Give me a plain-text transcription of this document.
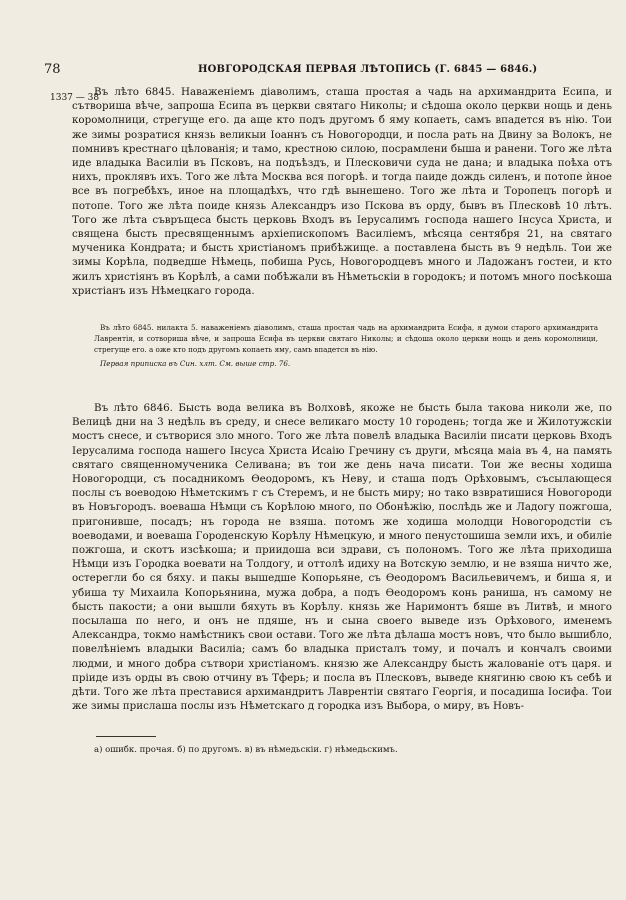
78	НОВГОРОДСКАЯ ПЕРВАЯ ЛѢТОПИСЬ (Г. 6845 — 6846.)
1337 — 38

Въ лѣто 6845. Наваженiемъ дiаволимъ, сташа простая а чадь на архимандрита Есипа, и сътвориша вѣче, запроша Есипа въ церкви святаго Николы; и сѣдоша около церкви нощь и день коромолници, стрегуще его. да аще кто подъ другомъ б яму копаеть, самъ впадется въ нію. Тои же зимы розратися князь великыи Іоаннъ съ Новогородци, и посла рать на Двину за Волокъ, не помнивъ крестнаго цѣлованiя; и тамо, крестною силою, посрамлени быша и ранени. Того же лѣта иде владыка Василiи въ Псковъ, на подъѣздъ, и Плесковичи суда не дана; и владыка поѣха отъ нихъ, проклявъ ихъ. Того же лѣта Москва вся погорѣ. и тогда паиде дождь силенъ, и потопе ѝное все въ погребѣхъ, иное на площадѣхъ, что гдѣ вынешено. Того же лѣта и Торопецъ погорѣ и потопе. Того же лѣта поиде князь Александръ изо Пскова въ орду, бывъ въ Плесковѣ 10 лѣтъ. Того же лѣта съвръщеса бысть церковь Входъ въ Іерусалимъ господа нашего Інсуса Христа, и священа бысть пресвященнымъ архiепископомъ Василiемъ, мѣсяца сентября 21, на святаго мученика Кондрата; и бысть христiаномъ прибѣжище. а поставлена бысть въ 9 недѣль. Тои же зимы Корѣла, подведше Нѣмець, побиша Русь, Новогородцевъ много и Ладожанъ гостеи, и кто жилъ христiянъ въ Корѣлѣ, а сами побѣжали въ Нѣметьскiи в городокъ; и потомъ много посѣкоша христiанъ изъ Нѣмецкаго города.

Въ лѣто 6845. нилакта 5. наваженiемъ дiаволимъ, сташа простая чадь на архимандрита Есифа, я думои старого архимандрита Лаврентiя, и сотвориша вѣче, и запроша Есифа въ церкви святаго Николы; и сѣдоша около церкви нощь и день коромолници, стрегуще его. а оже кто подъ другомъ копаеть яму, самъ впадется въ нію.

Первая приписка въ Син. хлт. См. выше стр. 76.

Въ лѣто 6846. Бысть вода велика въ Волховѣ, якоже не бысть была такова николи же, по Велицѣ дни на 3 недѣль въ среду, и снесе великаго мосту 10 городень; тогда же и Жилотужскiи мостъ снесе, и сътворися зло много. Того же лѣта повелѣ владыка Василiи писати церковь Входъ Іерусалима господа нашего Інсуса Христа Исаiю Гречину съ други, мѣсяца маiа въ 4, на память святаго священномученика Селивана; въ тои же день нача писати. Тои же весны ходиша Новогородци, съ посадникомъ Ѳеодоромъ, къ Неву, и сташа подъ Орѣховымъ, съсылающеся послы съ воеводою Нѣметскимъ г съ Стеремъ, и не бысть миру; но тако взвратишися Новогороди въ Новъгородъ. воеваша Нѣмци съ Корѣлою много, по Обонѣжiю, послѣдь же и Ладогу пожгоша, пригонивше, посадъ; нъ города не взяша. потомъ же ходиша молодци Новогородстiи съ воеводами, и воеваша Городенскую Корѣлу Нѣмецкую, и много пенустошиша земли ихъ, и обилiе пожгоша, и скотъ изсѣкоша; и приидоша вси здрави, съ полономъ. Того же лѣта приходиша Нѣмци изъ Городка воевати на Толдогу, и оттолѣ идиху на Вотскую землю, и не взяша ничто же, остерегли бо ся бяху. и пакы вышедше Копорьяне, съ Ѳеодоромъ Васильевичемъ, и биша я, и убиша ту Михаила Копорьянина, мужа добра, а подъ Ѳеодоромъ конь раниша, нъ самому не бысть пакости; а они вышли бяхуть въ Корѣлу. князь же Наримонтъ бяше въ Литвѣ, и много посылаша по него, и онъ не пдяше, нъ и сына своего выведе изъ Орѣхового, именемъ Александра, токмо намѣстникъ свои остави. Того же лѣта дѣлаша мостъ новъ, что было вышибло, повелѣнiемъ владыки Василiа; самъ бо владыка присталъ тому, и почалъ и кончалъ своими людми, и много добра сътвори христiаномъ. князю же Александру бысть жалованiе отъ царя. и прiиде изъ орды въ свою отчину въ Тферь; и посла въ Плесковъ, выведе княгиню свою къ себѣ и дѣти. Того же лѣта преставися архимандритъ Лаврентiи святаго Георгiя, и посадиша Іосифа. Тои же зимы прислаша послы изъ Нѣметскаго д городка изъ Выбора, о миру, въ Новъ-

а) ошибк. прочая. б) по другомъ. в) въ нѣмедьскiи. г) нѣмедьскимъ.
